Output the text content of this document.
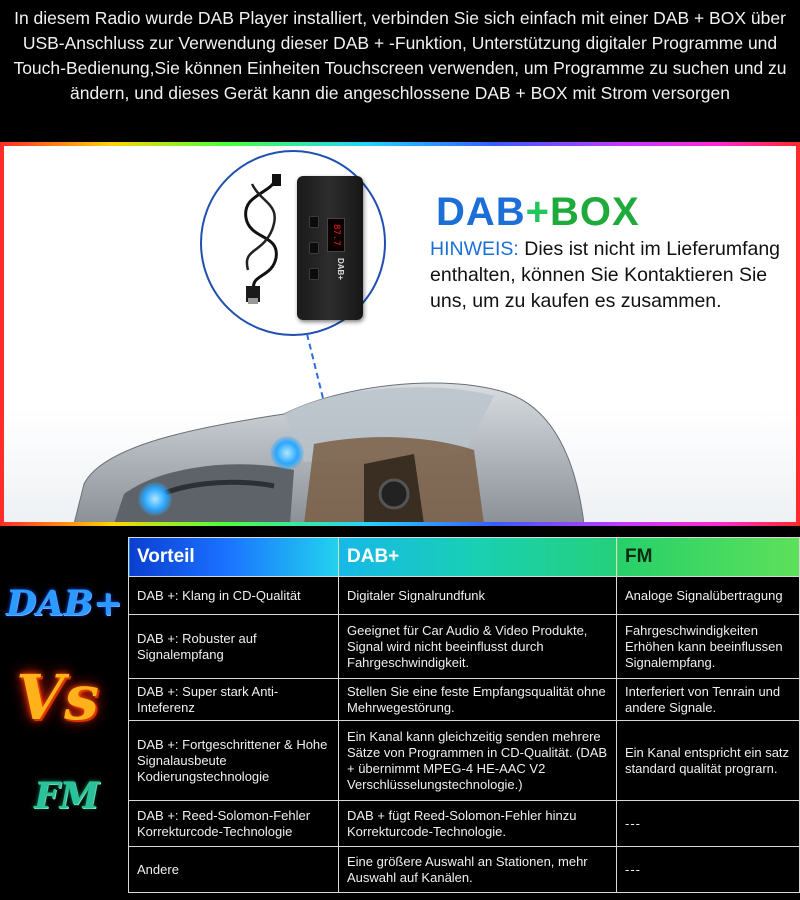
In diesem Radio wurde DAB Player installiert, verbinden Sie sich einfach mit einer DAB + BOX über USB-Anschluss zur Verwendung dieser DAB + -Funktion, Unterstützung digitaler Programme und Touch-Bedienung,Sie können Einheiten Touchscreen verwenden, um Programme zu suchen und zu ändern, und dieses Gerät kann die angeschlossene DAB + BOX mit Strom versorgen
87.7
DAB+
DAB+BOX
HINWEIS: Dies ist nicht im Lieferumfang enthalten, können Sie Kontaktieren Sie uns, um zu kaufen es zusammen.
DAB+
Vs
FM
Vorteil	DAB+	FM
DAB +: Klang in CD-Qualität	Digitaler Signalrundfunk	Analoge Signalübertragung
DAB +: Robuster auf Signalempfang	Geeignet für Car Audio & Video Produkte, Signal wird nicht beeinflusst durch Fahrgeschwindigkeit.	Fahrgeschwindigkeiten Erhöhen kann beeinflussen Signalempfang.
DAB +: Super stark Anti-Inteferenz	Stellen Sie eine feste Empfangsqualität ohne Mehrwegestörung.	Interferiert von Tenrain und andere Signale.
DAB +: Fortgeschrittener & Hohe Signalausbeute Kodierungstechnologie	Ein Kanal kann gleichzeitig senden mehrere Sätze von Programmen in CD-Qualität. (DAB + übernimmt MPEG-4 HE-AAC V2 Verschlüsselungstechnologie.)	Ein Kanal entspricht ein satz standard qualität prograrn.
DAB +: Reed-Solomon-Fehler Korrekturcode-Technologie	DAB + fügt Reed-Solomon-Fehler hinzu Korrekturcode-Technologie.	---
Andere	Eine größere Auswahl an Stationen, mehr Auswahl auf Kanälen.	---
